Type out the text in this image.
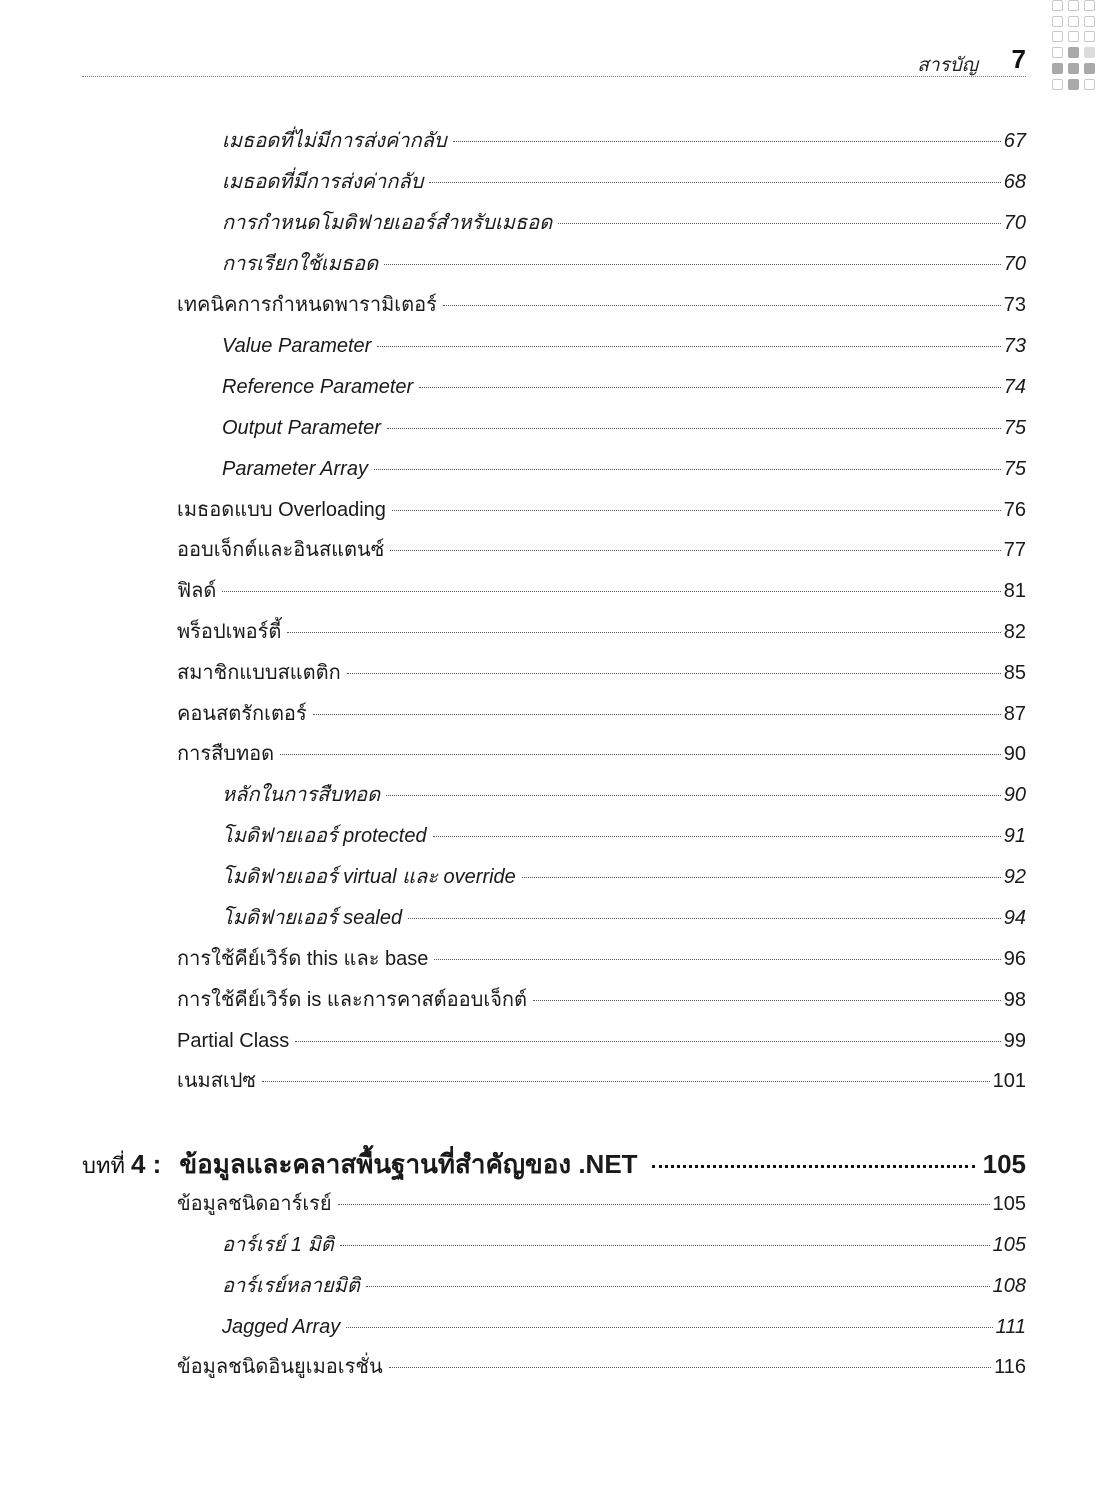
สารบัญ 7
เมธอดที่ไม่มีการส่งค่ากลับ	67
เมธอดที่มีการส่งค่ากลับ	68
การกำหนดโมดิฟายเออร์สำหรับเมธอด	70
การเรียกใช้เมธอด	70
เทคนิคการกำหนดพารามิเตอร์	73
Value Parameter	73
Reference Parameter	74
Output Parameter	75
Parameter Array	75
เมธอดแบบ Overloading	76
ออบเจ็กต์และอินสแตนซ์	77
ฟิลด์	81
พร็อปเพอร์ตี้	82
สมาชิกแบบสแตติก	85
คอนสตรักเตอร์	87
การสืบทอด	90
หลักในการสืบทอด	90
โมดิฟายเออร์ protected	91
โมดิฟายเออร์ virtual และ override	92
โมดิฟายเออร์ sealed	94
การใช้คีย์เวิร์ด this และ base	96
การใช้คีย์เวิร์ด is และการคาสต์ออบเจ็กต์	98
Partial Class	99
เนมสเปซ	101
บทที่ 4 : ข้อมูลและคลาสพื้นฐานที่สำคัญของ .NET	105
ข้อมูลชนิดอาร์เรย์	105
อาร์เรย์ 1 มิติ	105
อาร์เรย์หลายมิติ	108
Jagged Array	111
ข้อมูลชนิดอินยูเมอเรชั่น	116
